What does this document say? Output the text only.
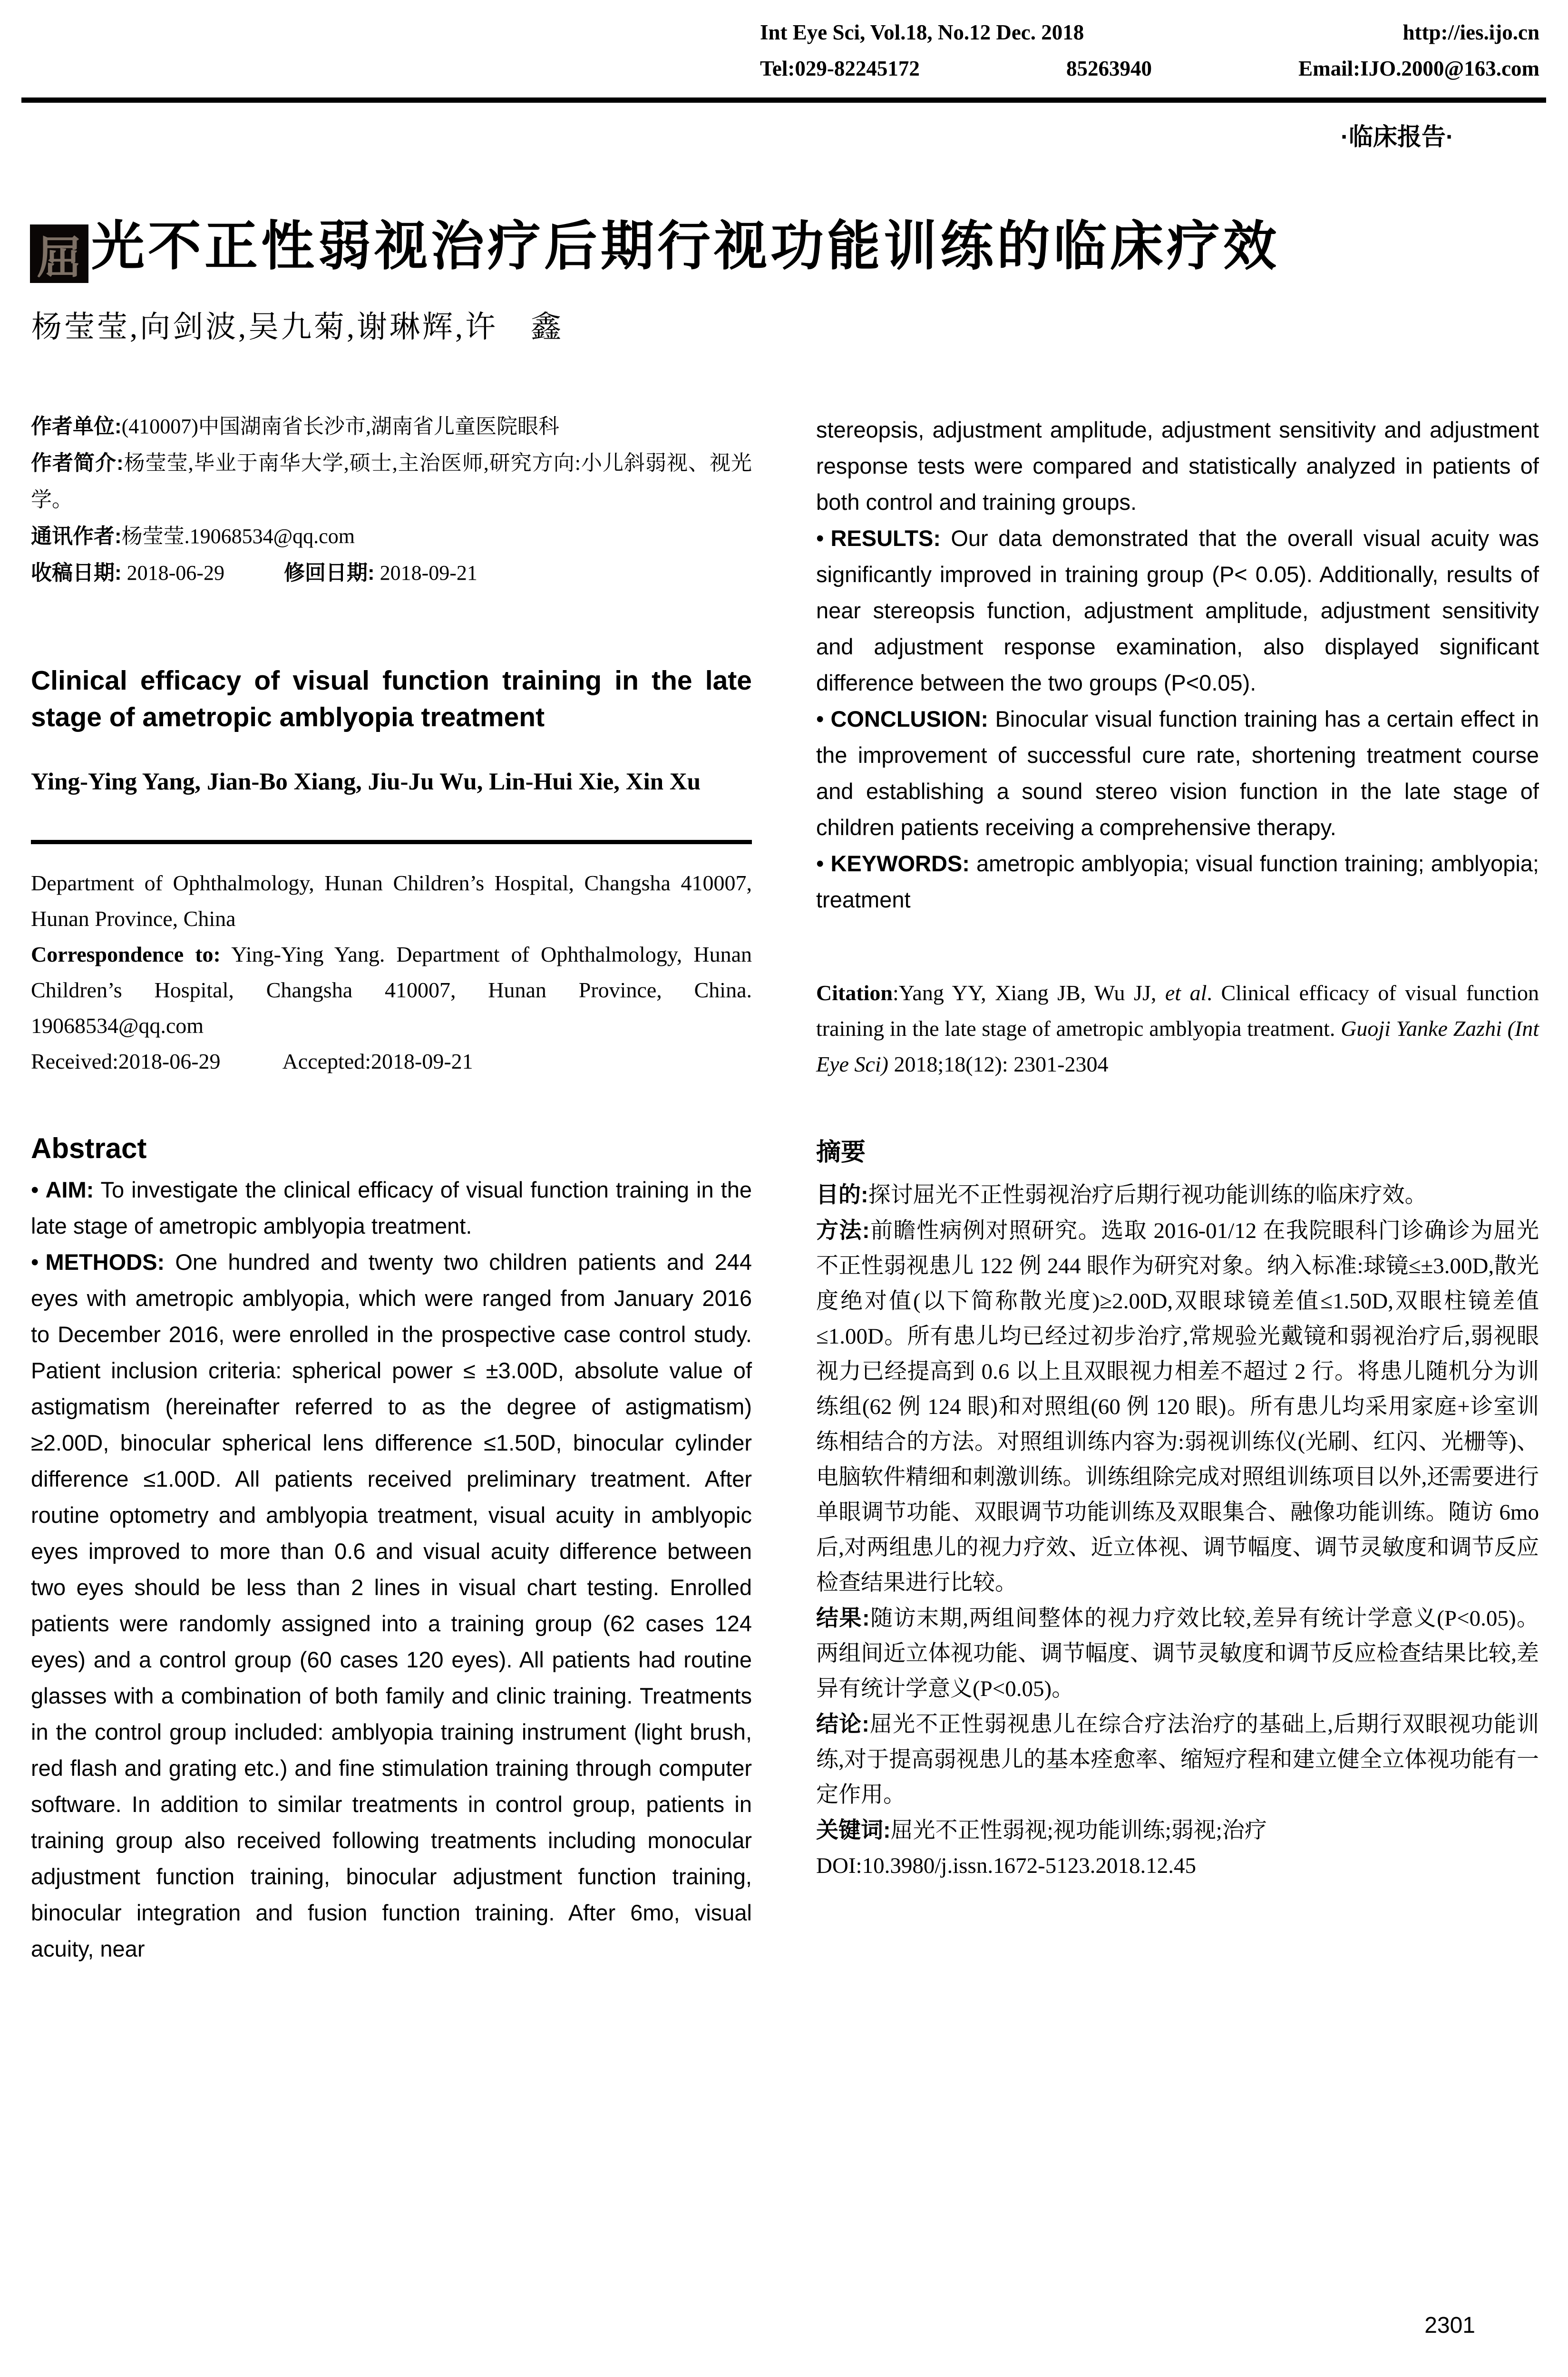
Int Eye Sci, Vol.18, No.12 Dec. 2018	http://ies.ijo.cn
Tel:029-82245172	85263940	Email:IJO.2000@163.com
·临床报告·
屈 光不正性弱视治疗后期行视功能训练的临床疗效
杨莹莹,向剑波,吴九菊,谢琳辉,许　鑫

作者单位:(410007)中国湖南省长沙市,湖南省儿童医院眼科

作者简介:杨莹莹,毕业于南华大学,硕士,主治医师,研究方向:小儿斜弱视、视光学。

通讯作者:杨莹莹.19068534@qq.com

收稿日期: 2018-06-29	修回日期: 2018-09-21

Clinical efficacy of visual function training in the late stage of ametropic amblyopia treatment
Ying-Ying Yang, Jian-Bo Xiang, Jiu-Ju Wu, Lin-Hui Xie, Xin Xu

Department of Ophthalmology, Hunan Children’s Hospital, Changsha 410007, Hunan Province, China

Correspondence to: Ying-Ying Yang. Department of Ophthalmology, Hunan Children’s Hospital, Changsha 410007, Hunan Province, China. 19068534@qq.com

Received:2018-06-29	Accepted:2018-09-21

Abstract

• AIM: To investigate the clinical efficacy of visual function training in the late stage of ametropic amblyopia treatment.

• METHODS: One hundred and twenty two children patients and 244 eyes with ametropic amblyopia, which were ranged from January 2016 to December 2016, were enrolled in the prospective case control study. Patient inclusion criteria: spherical power ≤ ±3.00D, absolute value of astigmatism (hereinafter referred to as the degree of astigmatism) ≥2.00D, binocular spherical lens difference ≤1.50D, binocular cylinder difference ≤1.00D. All patients received preliminary treatment. After routine optometry and amblyopia treatment, visual acuity in amblyopic eyes improved to more than 0.6 and visual acuity difference between two eyes should be less than 2 lines in visual chart testing. Enrolled patients were randomly assigned into a training group (62 cases 124 eyes) and a control group (60 cases 120 eyes). All patients had routine glasses with a combination of both family and clinic training. Treatments in the control group included: amblyopia training instrument (light brush, red flash and grating etc.) and fine stimulation training through computer software. In addition to similar treatments in control group, patients in training group also received following treatments including monocular adjustment function training, binocular adjustment function training, binocular integration and fusion function training. After 6mo, visual acuity, near

stereopsis, adjustment amplitude, adjustment sensitivity and adjustment response tests were compared and statistically analyzed in patients of both control and training groups.

• RESULTS: Our data demonstrated that the overall visual acuity was significantly improved in training group (P< 0.05). Additionally, results of near stereopsis function, adjustment amplitude, adjustment sensitivity and adjustment response examination, also displayed significant difference between the two groups (P<0.05).

• CONCLUSION: Binocular visual function training has a certain effect in the improvement of successful cure rate, shortening treatment course and establishing a sound stereo vision function in the late stage of children patients receiving a comprehensive therapy.

• KEYWORDS: ametropic amblyopia; visual function training; amblyopia; treatment

Citation:Yang YY, Xiang JB, Wu JJ, et al. Clinical efficacy of visual function training in the late stage of ametropic amblyopia treatment. Guoji Yanke Zazhi (Int Eye Sci) 2018;18(12): 2301-2304

摘要

目的:探讨屈光不正性弱视治疗后期行视功能训练的临床疗效。

方法:前瞻性病例对照研究。选取 2016-01/12 在我院眼科门诊确诊为屈光不正性弱视患儿 122 例 244 眼作为研究对象。纳入标准:球镜≤±3.00D,散光度绝对值(以下简称散光度)≥2.00D,双眼球镜差值≤1.50D,双眼柱镜差值≤1.00D。所有患儿均已经过初步治疗,常规验光戴镜和弱视治疗后,弱视眼视力已经提高到 0.6 以上且双眼视力相差不超过 2 行。将患儿随机分为训练组(62 例 124 眼)和对照组(60 例 120 眼)。所有患儿均采用家庭+诊室训练相结合的方法。对照组训练内容为:弱视训练仪(光刷、红闪、光栅等)、电脑软件精细和刺激训练。训练组除完成对照组训练项目以外,还需要进行单眼调节功能、双眼调节功能训练及双眼集合、融像功能训练。随访 6mo 后,对两组患儿的视力疗效、近立体视、调节幅度、调节灵敏度和调节反应检查结果进行比较。

结果:随访末期,两组间整体的视力疗效比较,差异有统计学意义(P<0.05)。两组间近立体视功能、调节幅度、调节灵敏度和调节反应检查结果比较,差异有统计学意义(P<0.05)。

结论:屈光不正性弱视患儿在综合疗法治疗的基础上,后期行双眼视功能训练,对于提高弱视患儿的基本痊愈率、缩短疗程和建立健全立体视功能有一定作用。

关键词:屈光不正性弱视;视功能训练;弱视;治疗

DOI:10.3980/j.issn.1672-5123.2018.12.45

2301
